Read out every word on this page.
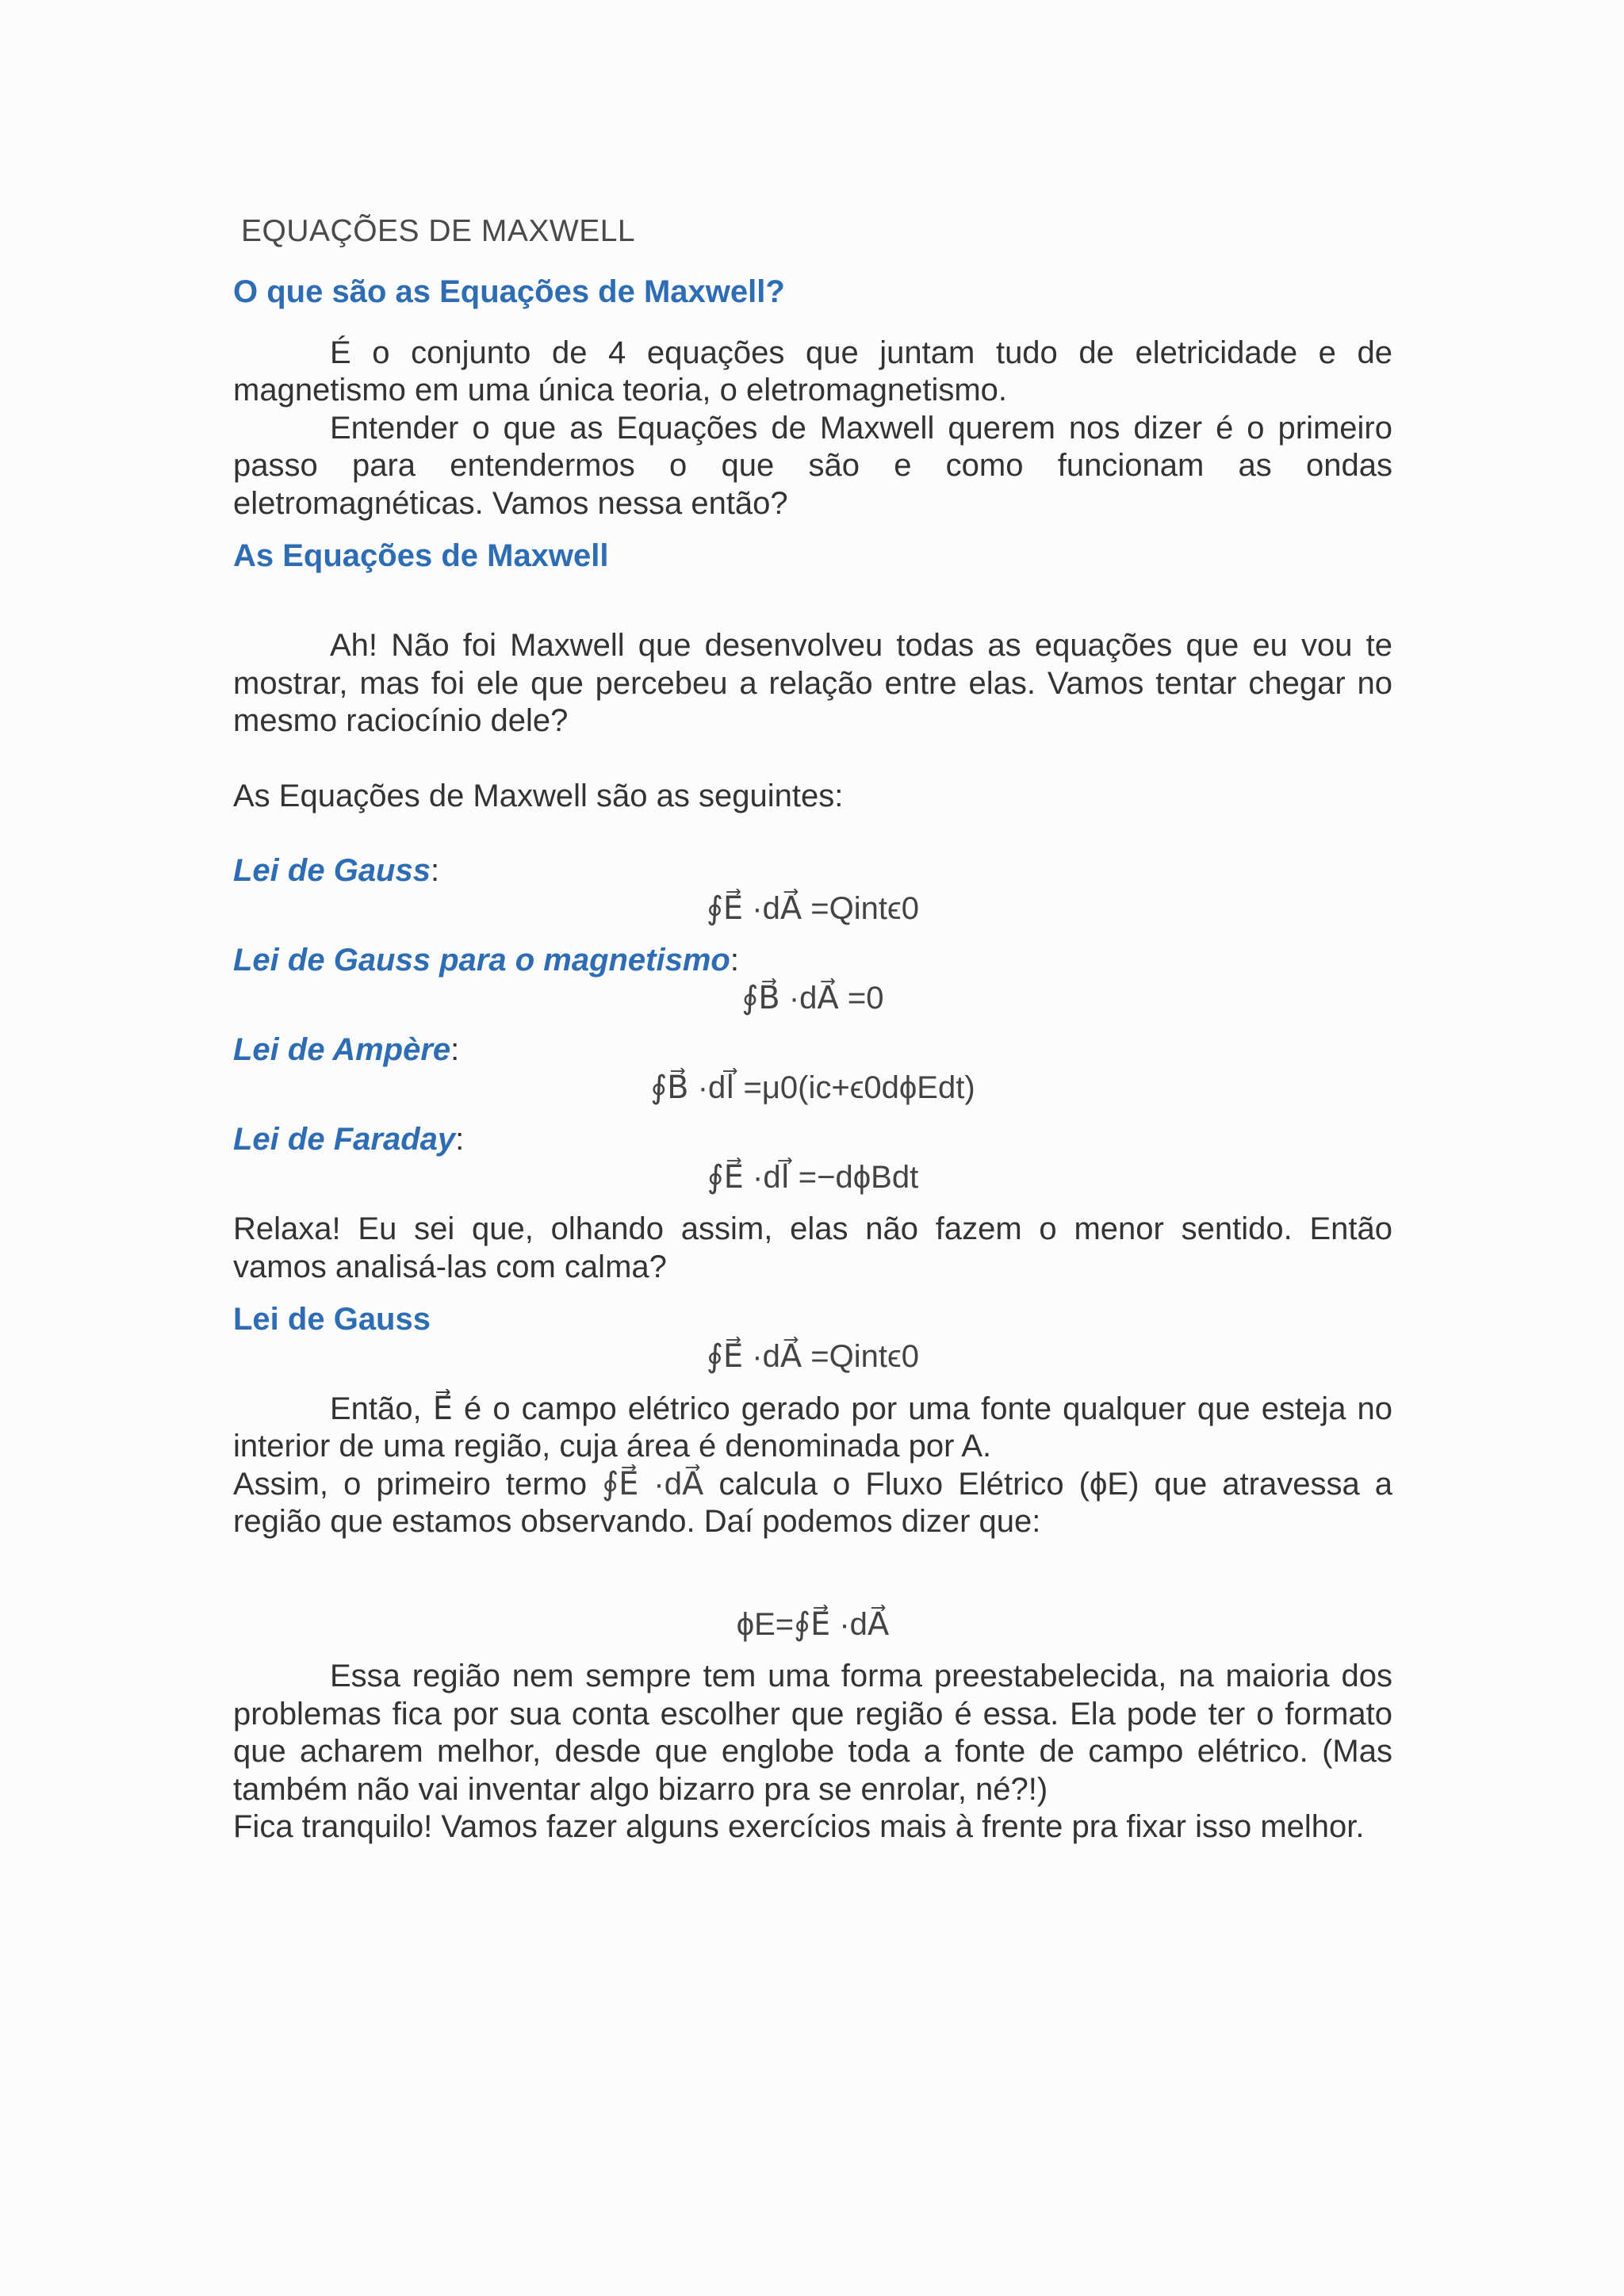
EQUAÇÕES DE MAXWELL
O que são as Equações de Maxwell?

É o conjunto de 4 equações que juntam tudo de eletricidade e de magnetismo em uma única teoria, o eletromagnetismo.

Entender o que as Equações de Maxwell querem nos dizer é o primeiro passo para entendermos o que são e como funcionam as ondas eletromagnéticas. Vamos nessa então?

As Equações de Maxwell

Ah! Não foi Maxwell que desenvolveu todas as equações que eu vou te mostrar, mas foi ele que percebeu a relação entre elas. Vamos tentar chegar no mesmo raciocínio dele?

As Equações de Maxwell são as seguintes:

Lei de Gauss:
∮E⃗ ·dA⃗ =Qintϵ0
Lei de Gauss para o magnetismo:
∮B⃗ ·dA⃗ =0
Lei de Ampère:
∮B⃗ ·dl⃗ =μ0(ic+ϵ0dϕEdt)
Lei de Faraday:
∮E⃗ ·dl⃗ =−dϕBdt

Relaxa! Eu sei que, olhando assim, elas não fazem o menor sentido. Então vamos analisá-las com calma?

Lei de Gauss
∮E⃗ ·dA⃗ =Qintϵ0

Então, E⃗ é o campo elétrico gerado por uma fonte qualquer que esteja no interior de uma região, cuja área é denominada por A.

Assim, o primeiro termo ∮E⃗ ·dA⃗ calcula o Fluxo Elétrico (ϕE) que atravessa a região que estamos observando. Daí podemos dizer que:

ϕE=∮E⃗ ·dA⃗

Essa região nem sempre tem uma forma preestabelecida, na maioria dos problemas fica por sua conta escolher que região é essa. Ela pode ter o formato que acharem melhor, desde que englobe toda a fonte de campo elétrico. (Mas também não vai inventar algo bizarro pra se enrolar, né?!)

Fica tranquilo! Vamos fazer alguns exercícios mais à frente pra fixar isso melhor.
